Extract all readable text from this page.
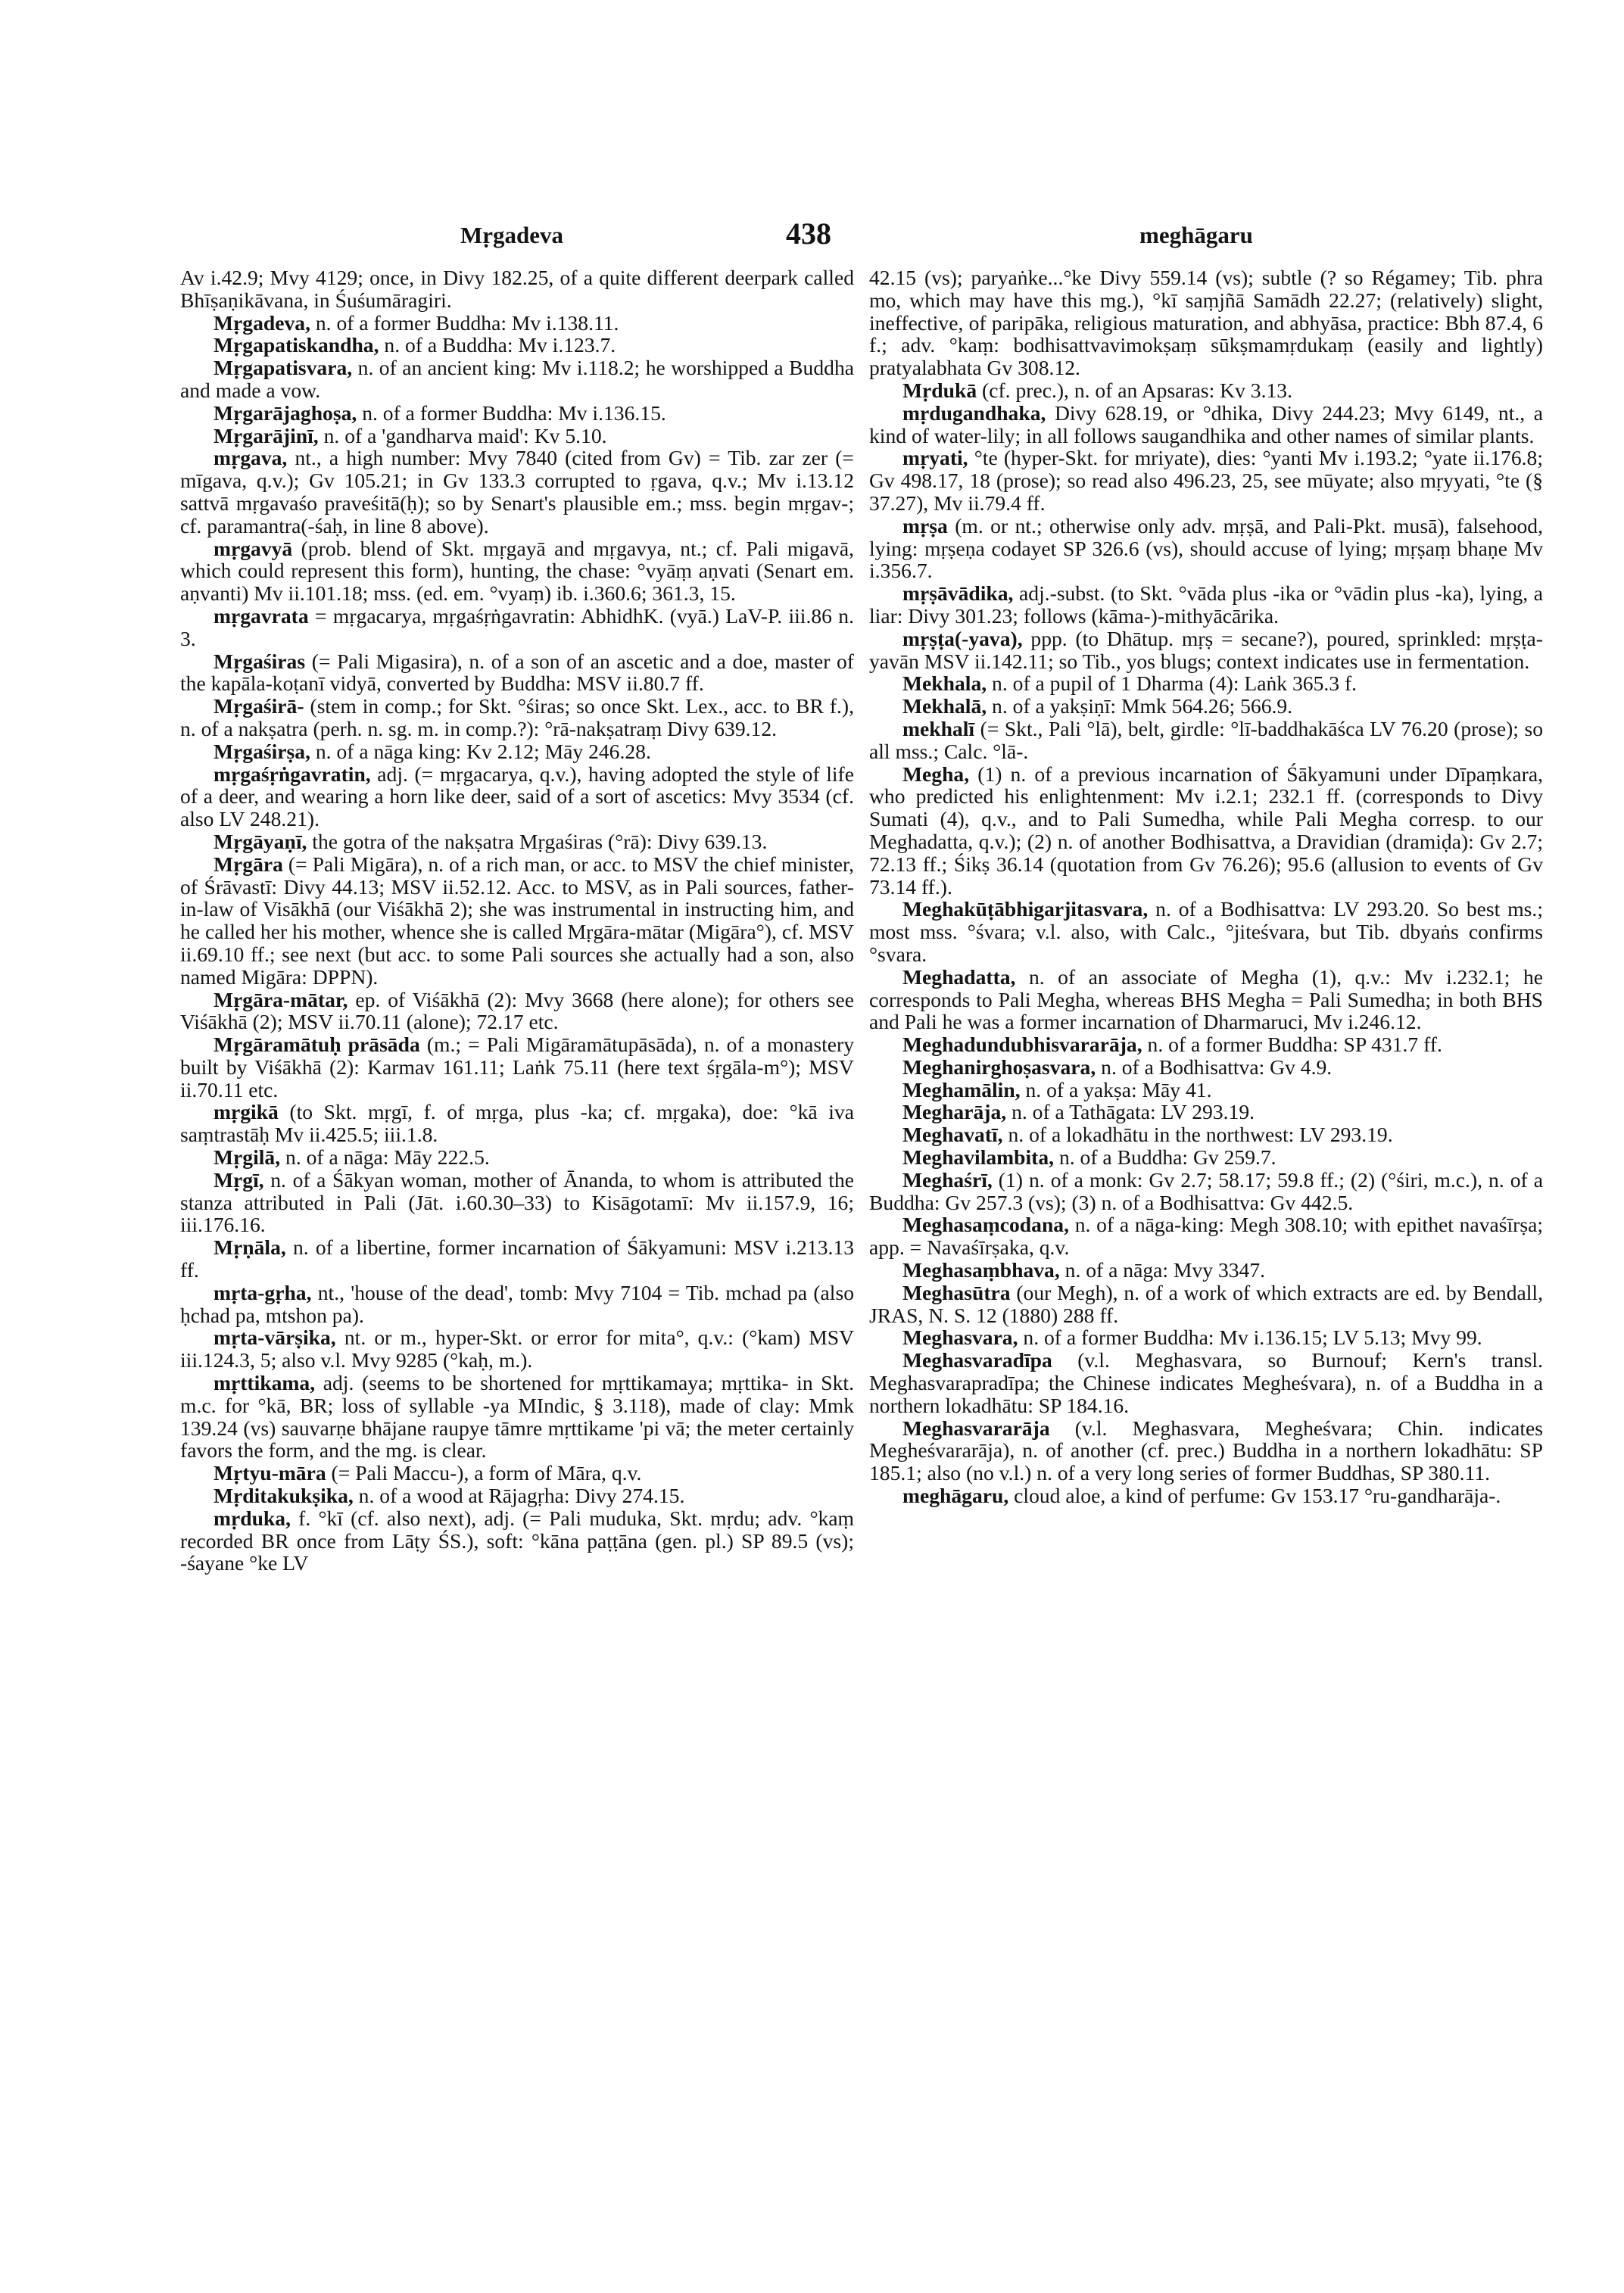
Mṛgadeva	438	meghāgaru

Av i.42.9; Mvy 4129; once, in Divy 182.25, of a quite different deerpark called Bhīṣaṇikāvana, in Śuśumāragiri.

Mṛgadeva, n. of a former Buddha: Mv i.138.11.

Mṛgapatiskandha, n. of a Buddha: Mv i.123.7.

Mṛgapatisvara, n. of an ancient king: Mv i.118.2; he worshipped a Buddha and made a vow.

Mṛgarājaghoṣa, n. of a former Buddha: Mv i.136.15.

Mṛgarājinī, n. of a 'gandharva maid': Kv 5.10.

mṛgava, nt., a high number: Mvy 7840 (cited from Gv) = Tib. zar zer (= mīgava, q.v.); Gv 105.21; in Gv 133.3 corrupted to ṛgava, q.v.; Mv i.13.12 sattvā mṛgavaśo praveśitā(ḥ); so by Senart's plausible em.; mss. begin mṛgav-; cf. paramantra(-śaḥ, in line 8 above).

mṛgavyā (prob. blend of Skt. mṛgayā and mṛgavya, nt.; cf. Pali migavā, which could represent this form), hunting, the chase: °vyāṃ aṇvati (Senart em. aṇvanti) Mv ii.101.18; mss. (ed. em. °vyaṃ) ib. i.360.6; 361.3, 15.

mṛgavrata = mṛgacarya, mṛgaśṛṅgavratin: AbhidhK. (vyā.) LaV-P. iii.86 n. 3.

Mṛgaśiras (= Pali Migasira), n. of a son of an ascetic and a doe, master of the kapāla-koṭanī vidyā, converted by Buddha: MSV ii.80.7 ff.

Mṛgaśirā- (stem in comp.; for Skt. °śiras; so once Skt. Lex., acc. to BR f.), n. of a nakṣatra (perh. n. sg. m. in comp.?): °rā-nakṣatraṃ Divy 639.12.

Mṛgaśirṣa, n. of a nāga king: Kv 2.12; Māy 246.28.

mṛgaśṛṅgavratin, adj. (= mṛgacarya, q.v.), having adopted the style of life of a deer, and wearing a horn like deer, said of a sort of ascetics: Mvy 3534 (cf. also LV 248.21).

Mṛgāyaṇī, the gotra of the nakṣatra Mṛgaśiras (°rā): Divy 639.13.

Mṛgāra (= Pali Migāra), n. of a rich man, or acc. to MSV the chief minister, of Śrāvastī: Divy 44.13; MSV ii.52.12. Acc. to MSV, as in Pali sources, father-in-law of Visākhā (our Viśākhā 2); she was instrumental in instructing him, and he called her his mother, whence she is called Mṛgāra-mātar (Migāra°), cf. MSV ii.69.10 ff.; see next (but acc. to some Pali sources she actually had a son, also named Migāra: DPPN).

Mṛgāra-mātar, ep. of Viśākhā (2): Mvy 3668 (here alone); for others see Viśākhā (2); MSV ii.70.11 (alone); 72.17 etc.

Mṛgāramātuḥ prāsāda (m.; = Pali Migāramātupāsāda), n. of a monastery built by Viśākhā (2): Karmav 161.11; Laṅk 75.11 (here text śṛgāla-m°); MSV ii.70.11 etc.

mṛgikā (to Skt. mṛgī, f. of mṛga, plus -ka; cf. mṛgaka), doe: °kā iva saṃtrastāḥ Mv ii.425.5; iii.1.8.

Mṛgilā, n. of a nāga: Māy 222.5.

Mṛgī, n. of a Śākyan woman, mother of Ānanda, to whom is attributed the stanza attributed in Pali (Jāt. i.60.30–33) to Kisāgotamī: Mv ii.157.9, 16; iii.176.16.

Mṛṇāla, n. of a libertine, former incarnation of Śākyamuni: MSV i.213.13 ff.

mṛta-gṛha, nt., 'house of the dead', tomb: Mvy 7104 = Tib. mchad pa (also ḥchad pa, mtshon pa).

mṛta-vārṣika, nt. or m., hyper-Skt. or error for mita°, q.v.: (°kam) MSV iii.124.3, 5; also v.l. Mvy 9285 (°kaḥ, m.).

mṛttikama, adj. (seems to be shortened for mṛttikamaya; mṛttika- in Skt. m.c. for °kā, BR; loss of syllable -ya MIndic, § 3.118), made of clay: Mmk 139.24 (vs) sauvarṇe bhājane raupye tāmre mṛttikame 'pi vā; the meter certainly favors the form, and the mg. is clear.

Mṛtyu-māra (= Pali Maccu-), a form of Māra, q.v.

Mṛditakukṣika, n. of a wood at Rājagṛha: Divy 274.15.

mṛduka, f. °kī (cf. also next), adj. (= Pali muduka, Skt. mṛdu; adv. °kaṃ recorded BR once from Lāṭy ŚS.), soft: °kāna paṭṭāna (gen. pl.) SP 89.5 (vs); -śayane °ke LV

42.15 (vs); paryaṅke...°ke Divy 559.14 (vs); subtle (? so Régamey; Tib. phra mo, which may have this mg.), °kī saṃjñā Samādh 22.27; (relatively) slight, ineffective, of paripāka, religious maturation, and abhyāsa, practice: Bbh 87.4, 6 f.; adv. °kaṃ: bodhisattvavimokṣaṃ sūkṣmamṛdukaṃ (easily and lightly) pratyalabhata Gv 308.12.

Mṛdukā (cf. prec.), n. of an Apsaras: Kv 3.13.

mṛdugandhaka, Divy 628.19, or °dhika, Divy 244.23; Mvy 6149, nt., a kind of water-lily; in all follows saugandhika and other names of similar plants.

mṛyati, °te (hyper-Skt. for mriyate), dies: °yanti Mv i.193.2; °yate ii.176.8; Gv 498.17, 18 (prose); so read also 496.23, 25, see mūyate; also mṛyyati, °te (§ 37.27), Mv ii.79.4 ff.

mṛṣa (m. or nt.; otherwise only adv. mṛṣā, and Pali-Pkt. musā), falsehood, lying: mṛṣeṇa codayet SP 326.6 (vs), should accuse of lying; mṛṣaṃ bhaṇe Mv i.356.7.

mṛṣāvādika, adj.-subst. (to Skt. °vāda plus -ika or °vādin plus -ka), lying, a liar: Divy 301.23; follows (kāma-)-mithyācārika.

mṛṣṭa(-yava), ppp. (to Dhātup. mṛṣ = secane?), poured, sprinkled: mṛṣṭa-yavān MSV ii.142.11; so Tib., yos blugs; context indicates use in fermentation.

Mekhala, n. of a pupil of 1 Dharma (4): Laṅk 365.3 f.

Mekhalā, n. of a yakṣiṇī: Mmk 564.26; 566.9.

mekhalī (= Skt., Pali °lā), belt, girdle: °lī-baddhakāśca LV 76.20 (prose); so all mss.; Calc. °lā-.

Megha, (1) n. of a previous incarnation of Śākyamuni under Dīpaṃkara, who predicted his enlightenment: Mv i.2.1; 232.1 ff. (corresponds to Divy Sumati (4), q.v., and to Pali Sumedha, while Pali Megha corresp. to our Meghadatta, q.v.); (2) n. of another Bodhisattva, a Dravidian (dramiḍa): Gv 2.7; 72.13 ff.; Śikṣ 36.14 (quotation from Gv 76.26); 95.6 (allusion to events of Gv 73.14 ff.).

Meghakūṭābhigarjitasvara, n. of a Bodhisattva: LV 293.20. So best ms.; most mss. °śvara; v.l. also, with Calc., °jiteśvara, but Tib. dbyaṅs confirms °svara.

Meghadatta, n. of an associate of Megha (1), q.v.: Mv i.232.1; he corresponds to Pali Megha, whereas BHS Megha = Pali Sumedha; in both BHS and Pali he was a former incarnation of Dharmaruci, Mv i.246.12.

Meghadundubhisvararāja, n. of a former Buddha: SP 431.7 ff.

Meghanirghoṣasvara, n. of a Bodhisattva: Gv 4.9.

Meghamālin, n. of a yakṣa: Māy 41.

Megharāja, n. of a Tathāgata: LV 293.19.

Meghavatī, n. of a lokadhātu in the northwest: LV 293.19.

Meghavilambita, n. of a Buddha: Gv 259.7.

Meghaśrī, (1) n. of a monk: Gv 2.7; 58.17; 59.8 ff.; (2) (°śiri, m.c.), n. of a Buddha: Gv 257.3 (vs); (3) n. of a Bodhisattva: Gv 442.5.

Meghasaṃcodana, n. of a nāga-king: Megh 308.10; with epithet navaśīrṣa; app. = Navaśīrṣaka, q.v.

Meghasaṃbhava, n. of a nāga: Mvy 3347.

Meghasūtra (our Megh), n. of a work of which extracts are ed. by Bendall, JRAS, N. S. 12 (1880) 288 ff.

Meghasvara, n. of a former Buddha: Mv i.136.15; LV 5.13; Mvy 99.

Meghasvaradīpa (v.l. Meghasvara, so Burnouf; Kern's transl. Meghasvarapradīpa; the Chinese indicates Megheśvara), n. of a Buddha in a northern lokadhātu: SP 184.16.

Meghasvararāja (v.l. Meghasvara, Megheśvara; Chin. indicates Megheśvararāja), n. of another (cf. prec.) Buddha in a northern lokadhātu: SP 185.1; also (no v.l.) n. of a very long series of former Buddhas, SP 380.11.

meghāgaru, cloud aloe, a kind of perfume: Gv 153.17 °ru-gandharāja-.
